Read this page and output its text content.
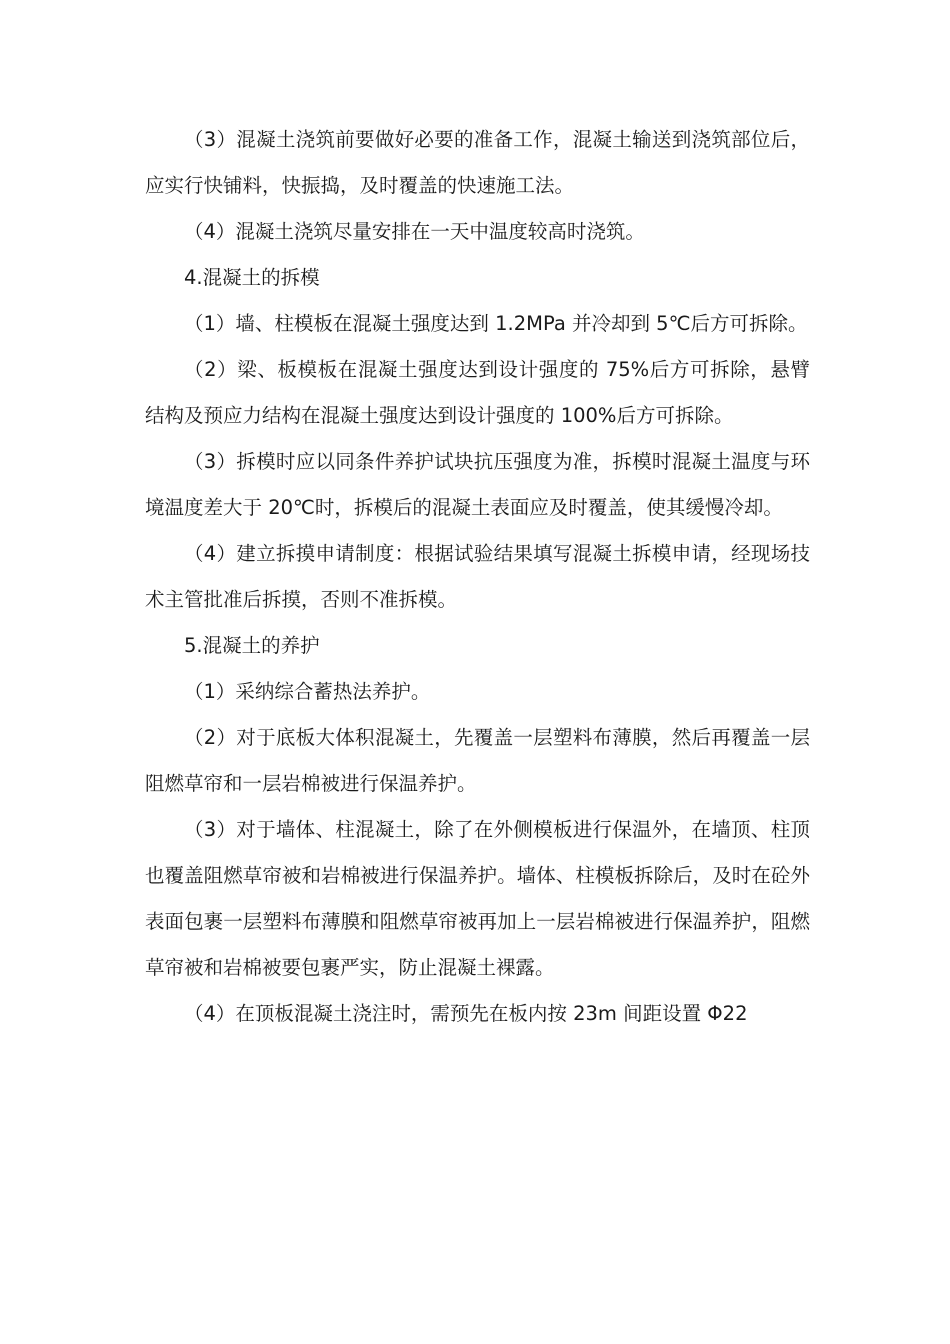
（3）混凝土浇筑前要做好必要的准备工作，混凝土输送到浇筑部位后，应实行快铺料，快振捣，及时覆盖的快速施工法。

（4）混凝土浇筑尽量安排在一天中温度较高时浇筑。

4.混凝土的拆模

（1）墙、柱模板在混凝土强度达到 1.2MPa 并冷却到 5℃后方可拆除。

（2）梁、板模板在混凝土强度达到设计强度的 75%后方可拆除，悬臂结构及预应力结构在混凝土强度达到设计强度的 100%后方可拆除。

（3）拆模时应以同条件养护试块抗压强度为准，拆模时混凝土温度与环境温度差大于 20℃时，拆模后的混凝土表面应及时覆盖，使其缓慢冷却。

（4）建立拆摸申请制度：根据试验结果填写混凝土拆模申请，经现场技术主管批准后拆摸，否则不准拆模。

5.混凝土的养护

（1）采纳综合蓄热法养护。

（2）对于底板大体积混凝土，先覆盖一层塑料布薄膜，然后再覆盖一层阻燃草帘和一层岩棉被进行保温养护。

（3）对于墙体、柱混凝土，除了在外侧模板进行保温外，在墙顶、柱顶也覆盖阻燃草帘被和岩棉被进行保温养护。墙体、柱模板拆除后，及时在砼外表面包裹一层塑料布薄膜和阻燃草帘被再加上一层岩棉被进行保温养护，阻燃草帘被和岩棉被要包裹严实，防止混凝土裸露。

（4）在顶板混凝土浇注时，需预先在板内按 23m 间距设置 Φ22
